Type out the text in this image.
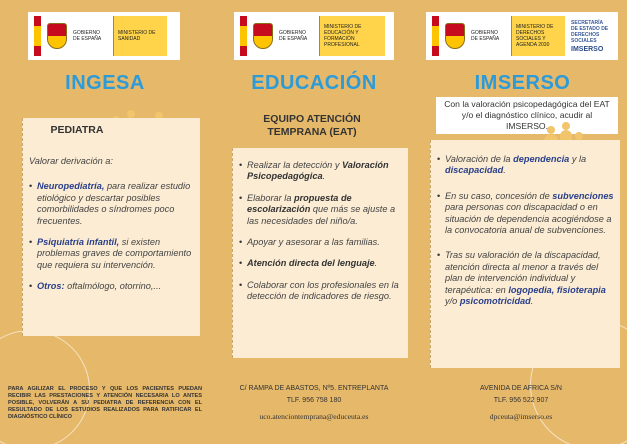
GOBIERNO DE ESPAÑA
MINISTERIO DE SANIDAD
INGESA
PEDIATRA
Valorar derivación a:
• Neuropediatría, para realizar estudio etiológico y descartar posibles comorbilidades o síndromes poco frecuentes.
• Psiquiatría infantil, si existen problemas graves de comportamiento que requiera su intervención.
• Otros: oftalmólogo, otorrino,...
PARA AGILIZAR EL PROCESO Y QUE LOS PACIENTES PUEDAN RECIBIR LAS PRESTACIONES Y ATENCIÓN NECESARIA LO ANTES POSIBLE, VOLVERÁN A SU PEDIATRA DE REFERENCIA CON EL RESULTADO DE LOS ESTUDIOS REALIZADOS PARA RATIFICAR EL DIAGNÓSTICO CLÍNICO
GOBIERNO DE ESPAÑA
MINISTERIO DE EDUCACIÓN Y FORMACIÓN PROFESIONAL
EDUCACIÓN
EQUIPO ATENCIÓN TEMPRANA (EAT)
• Realizar la detección y Valoración Psicopedagógica.
• Elaborar la propuesta de escolarización que más se ajuste a las necesidades del niño/a.
• Apoyar y asesorar a las familias.
• Atención directa del lenguaje.
• Colaborar con los profesionales en la detección de indicadores de riesgo.
C/ RAMPA DE ABASTOS, Nº5. ENTREPLANTA
TLF. 956 758 180
uco.atenciontemprana@educeuta.es
GOBIERNO DE ESPAÑA
MINISTERIO DE DERECHOS SOCIALES Y AGENDA 2030
SECRETARÍA DE ESTADO DE DERECHOS SOCIALES
IMSERSO
IMSERSO
Con la valoración psicopedagógica del EAT y/o el diagnóstico clínico, acudir al IMSERSO.
• Valoración de la dependencia y la discapacidad.
• En su caso, concesión de subvenciones para personas con discapacidad o en situación de dependencia acogiéndose a la convocatoria anual de subvenciones.
• Tras su valoración de la discapacidad, atención directa al menor a través del plan de intervención individual y terapéutica: en logopedia, fisioterapia y/o psicomotricidad.
AVENIDA DE AFRICA S/N
TLF. 956 522 907
dpceuta@imserso.es
